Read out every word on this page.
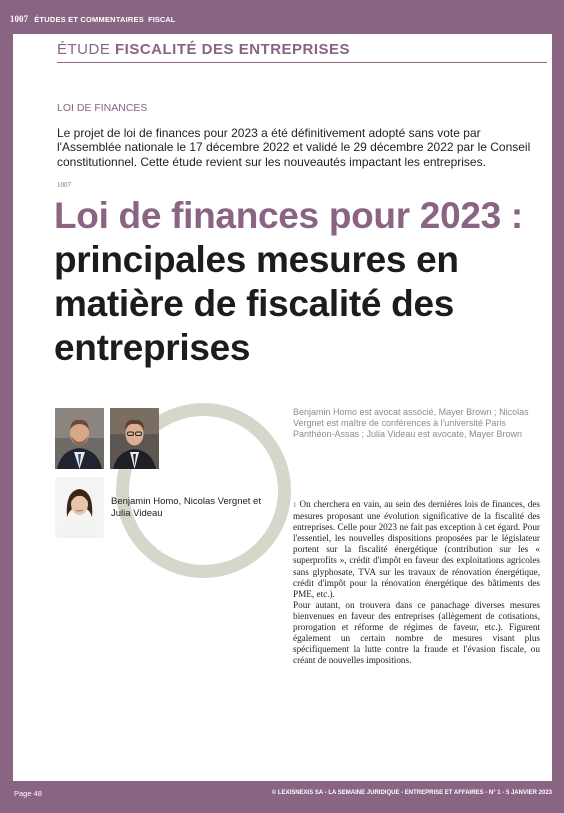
1007 ÉTUDES ET COMMENTAIRES FISCAL
ÉTUDE FISCALITÉ DES ENTREPRISES
LOI DE FINANCES
Le projet de loi de finances pour 2023 a été définitivement adopté sans vote par l'Assemblée nationale le 17 décembre 2022 et validé le 29 décembre 2022 par le Conseil constitutionnel. Cette étude revient sur les nouveautés impactant les entreprises.
1007
Loi de finances pour 2023 : principales mesures en matière de fiscalité des entreprises
Benjamin Homo, Nicolas Vergnet et Julia Videau
Benjamin Homo est avocat associé, Mayer Brown ; Nicolas Vergnet est maître de conférences à l'université Paris Panthéon-Assas ; Julia Videau est avocate, Mayer Brown

1 On cherchera en vain, au sein des dernières lois de finances, des mesures proposant une évolution significative de la fiscalité des entreprises. Celle pour 2023 ne fait pas exception à cet égard. Pour l'essentiel, les nouvelles dispositions proposées par le législateur portent sur la fiscalité énergétique (contribution sur les « superprofits », crédit d'impôt en faveur des exploitations agricoles sans glyphosate, TVA sur les travaux de rénovation énergétique, crédit d'impôt pour la rénovation énergétique des bâtiments des PME, etc.).

Pour autant, on trouvera dans ce panachage diverses mesures bienvenues en faveur des entreprises (allègement de cotisations, prorogation et réforme de régimes de faveur, etc.). Figurent également un certain nombre de mesures visant plus spécifiquement la lutte contre la fraude et l'évasion fiscale, ou créant de nouvelles impositions.

Page 48	© LEXISNEXIS SA - LA SEMAINE JURIDIQUE - ENTREPRISE ET AFFAIRES - N° 1 - 5 JANVIER 2023
